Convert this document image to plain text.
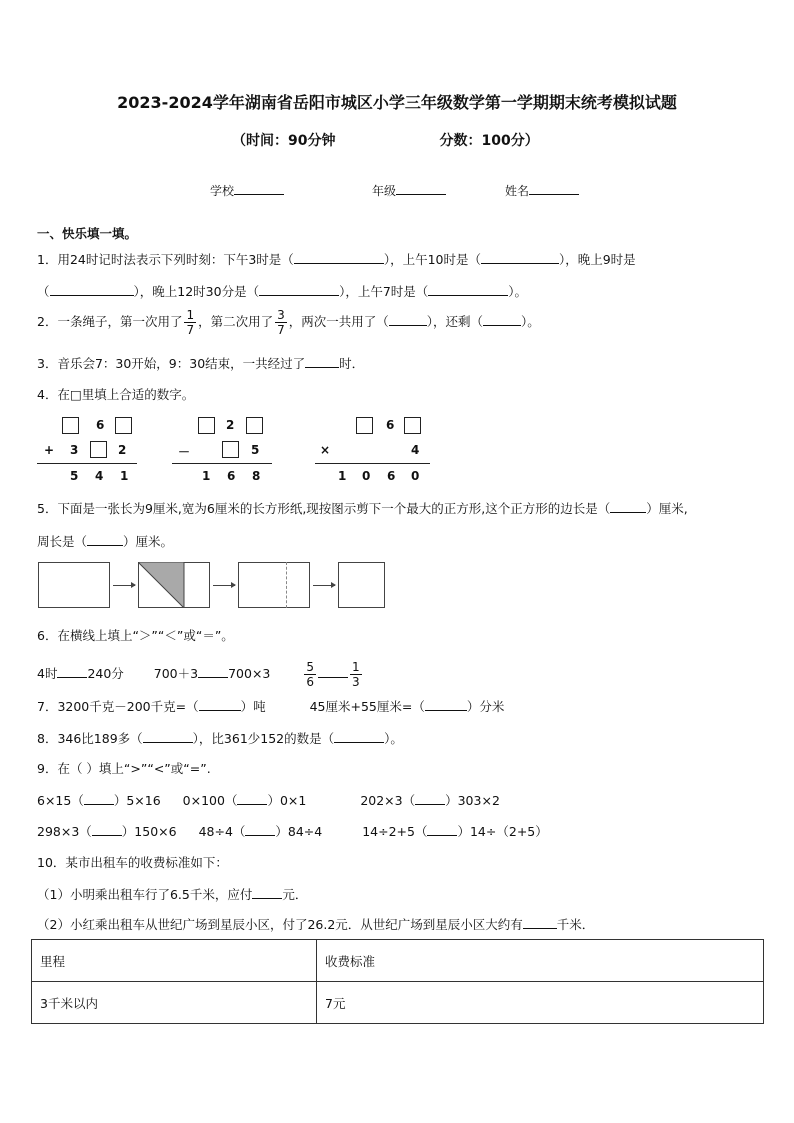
2023-2024学年湖南省岳阳市城区小学三年级数学第一学期期末统考模拟试题
（时间：90分钟	分数：100分）
学校	年级	姓名
一、快乐填一填。
1．用24时记时法表示下列时刻：下午3时是（	），上午10时是（	），晚上9时是
（	），晚上12时30分是（	），上午7时是（	）。
2．一条绳子，第一次用了 $\frac{1}{7}$ ，第二次用了 $\frac{3}{7}$ ，两次一共用了（	），还剩（	）。
3．音乐会7：30开始，9：30结束，一共经过了	时．
4．在□里填上合适的数字。
6
+ 3	2
5 4 1
2
－	5
1 6 8
6
×	4
1 0 6 0
5．下面是一张长为9厘米,宽为6厘米的长方形纸,现按图示剪下一个最大的正方形,这个正方形的边长是（	）厘米,
周长是（	）厘米。
6．在横线上填上“＞”“＜”或“＝”。
4时 240分 700＋3 700×3	$\frac{5}{6}$	$\frac{1}{3}$
7．3200千克－200千克=（	）吨	45厘米+55厘米=（	）分米
8．346比189多（	），比361少152的数是（	）。
9．在（ ）填上“>”“<”或“=”.
6×15（ ）5×16 0×100（ ）0×1	202×3（ ）303×2
298×3（ ）150×6 48÷4（ ）84÷4	14÷2+5（ ）14÷（2+5）
10．某市出租车的收费标准如下：
（1）小明乘出租车行了6.5千米，应付 元．
（2）小红乘出租车从世纪广场到星辰小区，付了26.2元．从世纪广场到星辰小区大约有	千米．
里程	收费标准
3千米以内	7元
